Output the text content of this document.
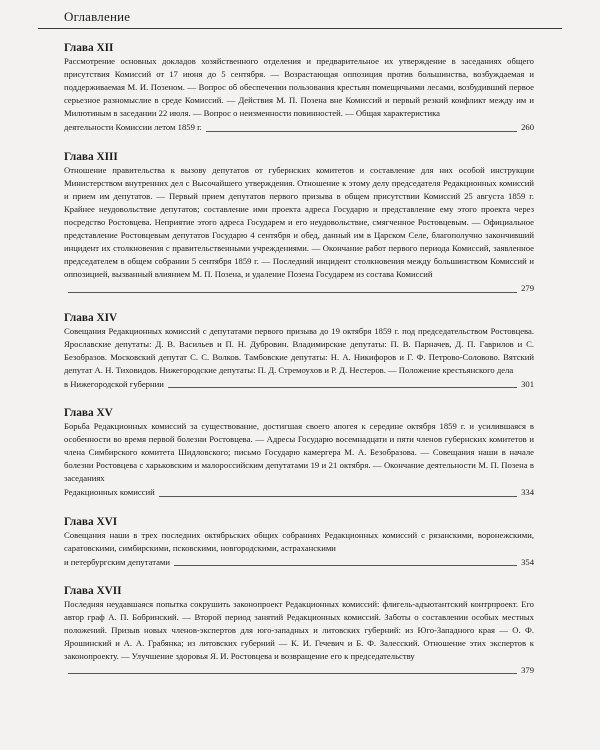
Оглавление
Глава XII
Рассмотрение основных докладов хозяйственного отделения и предварительное их утверждение в заседаниях общего присутствия Комиссий от 17 июня до 5 сентября. — Возрастающая оппозиция против большинства, возбуждаемая и поддерживаемая М. И. Позеном. — Вопрос об обеспечении пользования крестьян помещичьими лесами, возбудивший первое серьезное разномыслие в среде Комиссий. — Действия М. П. Позена вне Комиссий и первый резкий конфликт между им и Милютиным в заседании 22 июля. — Вопрос о неизменности повинностей. — Общая характеристика
деятельности Комиссии летом 1859 г.	260
Глава XIII
Отношение правительства к вызову депутатов от губернских комитетов и составление для них особой инструкции Министерством внутренних дел с Высочайшего утверждения. Отношение к этому делу председателя Редакционных комиссий и прием им депутатов. — Первый прием депутатов первого призыва в общем присутствии Комиссий 25 августа 1859 г. Крайнее неудовольствие депутатов; составление ими проекта адреса Государю и представление ему этого проекта через посредство Ростовцева. Неприятие этого адреса Государем и его неудовольствие, смягченное Ростовцевым. — Официальное представление Ростовцевым депутатов Государю 4 сентября и обед, данный им в Царском Селе, благополучно закончивший инцидент их столкновения с правительственными учреждениями. — Окончание работ первого периода Комиссий, заявленное председателем в общем собрании 5 сентября 1859 г. — Последний инцидент столкновения между большинством Комиссий и оппозицией, вызванный влиянием М. П. Позена, и удаление Позена Государем из состава Комиссий
279
Глава XIV
Совещания Редакционных комиссий с депутатами первого призыва до 19 октября 1859 г. под председательством Ростовцева. Ярославские депутаты: Д. В. Васильев и П. Н. Дубровин. Владимирские депутаты: П. В. Парначев, Д. П. Гаврилов и С. Безобразов. Московский депутат С. С. Волков. Тамбовские депутаты: Н. А. Никифоров и Г. Ф. Петрово-Соловово. Вятский депутат А. Н. Тиховидов. Нижегородские депутаты: П. Д. Стремоухов и Р. Д. Нестеров. — Положение крестьянского дела
в Нижегородской губернии	301
Глава XV
Борьба Редакционных комиссий за существование, достигшая своего апогея к середине октября 1859 г. и усилившаяся в особенности во время первой болезни Ростовцева. — Адресы Государю восемнадцати и пяти членов губернских комитетов и члена Симбирского комитета Шидловского; письмо Государю камергера М. А. Безобразова. — Совещания наши в начале болезни Ростовцева с харьковским и малороссийским депутатами 19 и 21 октября. — Окончание деятельности М. П. Позена в заседаниях
Редакционных комиссий	334
Глава XVI
Совещания наши в трех последних октябрьских общих собраниях Редакционных комиссий с рязанскими, воронежскими, саратовскими, симбирскими, псковскими, новгородскими, астраханскими
и петербургским депутатами	354
Глава XVII
Последняя неудавшаяся попытка сокрушить законопроект Редакционных комиссий: флигель-адъютантский контрпроект. Его автор граф А. П. Бобринский. — Второй период занятий Редакционных комиссий. Заботы о составлении особых местных положений. Призыв новых членов-экспертов для юго-западных и литовских губерний: из Юго-Западного края — О. Ф. Ярошинский и А. А. Грабянка; из литовских губерний — К. И. Гечевич и Б. Ф. Залесский. Отношение этих экспертов к законопроекту. — Улучшение здоровья Я. И. Ростовцева и возвращение его к председательству
379
